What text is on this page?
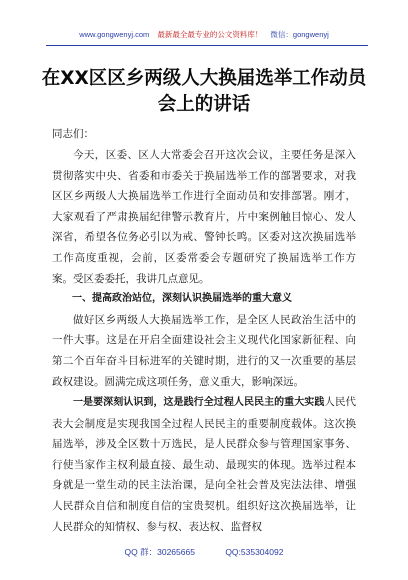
www.gongwenyj.com 最新最全最专业的公文资料库！ 微信：gongwenyj
在XX区区乡两级人大换届选举工作动员
会上的讲话

同志们：

今天，区委、区人大常委会召开这次会议，主要任务是深入贯彻落实中央、省委和市委关于换届选举工作的部署要求，对我区区乡两级人大换届选举工作进行全面动员和安排部署。刚才，大家观看了严肃换届纪律警示教育片，片中案例触目惊心、发人深省，希望各位务必引以为戒、警钟长鸣。区委对这次换届选举工作高度重视，会前，区委常委会专题研究了换届选举工作方案。受区委委托，我讲几点意见。

一、提高政治站位，深刻认识换届选举的重大意义

做好区乡两级人大换届选举工作，是全区人民政治生活中的一件大事。这是在开启全面建设社会主义现代化国家新征程、向第二个百年奋斗目标进军的关键时期，进行的又一次重要的基层政权建设。圆满完成这项任务，意义重大，影响深远。

一是要深刻认识到，这是践行全过程人民民主的重大实践人民代表大会制度是实现我国全过程人民民主的重要制度载体。这次换届选举，涉及全区数十万选民，是人民群众参与管理国家事务、行使当家作主权利最直接、最生动、最现实的体现。选举过程本身就是一堂生动的民主法治课，是向全社会普及宪法法律、增强人民群众自信和制度自信的宝贵契机。组织好这次换届选举，让人民群众的知情权、参与权、表达权、监督权

QQ 群：30265665	QQ:535304092
